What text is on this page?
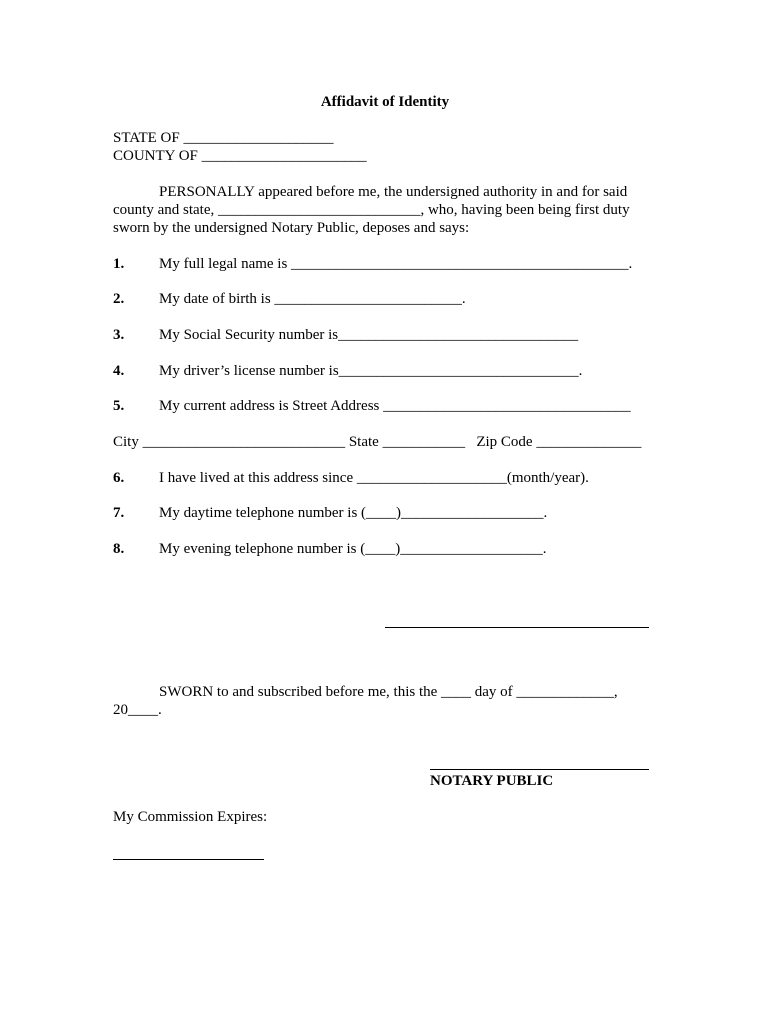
Affidavit of Identity
STATE OF ____________________
COUNTY OF ______________________
PERSONALLY appeared before me, the undersigned authority in and for said
county and state, ___________________________, who, having been being first duty
sworn by the undersigned Notary Public, deposes and says:
1. My full legal name is _____________________________________________.
2. My date of birth is _________________________.
3. My Social Security number is________________________________
4. My driver’s license number is________________________________.
5. My current address is Street Address _________________________________
City ___________________________ State ___________   Zip Code ______________
6. I have lived at this address since ____________________(month/year).
7. My daytime telephone number is (____)___________________.
8. My evening telephone number is (____)___________________.
SWORN to and subscribed before me, this the ____ day of _____________,
20____.
NOTARY PUBLIC
My Commission Expires:
